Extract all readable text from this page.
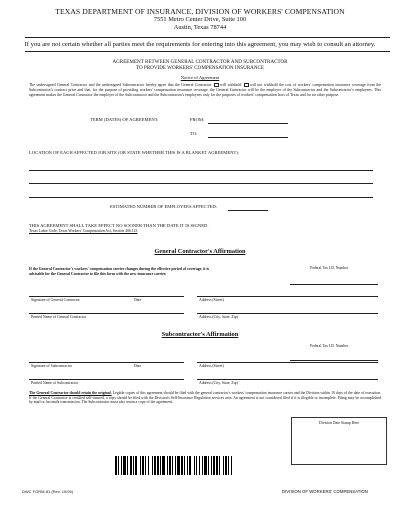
TEXAS DEPARTMENT OF INSURANCE, DIVISION OF WORKERS' COMPENSATION
7551 Metro Center Drive, Suite 100
Austin, Texas 78744
If you are not certain whether all parties meet the requirements for entering into this agreement, you may wish to consult an attorney.
AGREEMENT BETWEEN GENERAL CONTRACTOR AND SUBCONTRACTOR
TO PROVIDE WORKERS' COMPENSATION INSURANCE
Notice of Agreement
The undersigned General Contractor and the undersigned Subcontractor hereby agree that the General Contractor will withhold will not withhold the cost of workers' compensation insurance coverage from the Subcontractor's contract price and that, for the purpose of providing workers' compensation insurance coverage, the General Contractor will be the employer of the Subcontractor and the Subcontractor's employees. This agreement makes the General Contractor the employer of the Subcontractor and the Subcontractor's employees only for the purposes of workers' compensation laws of Texas and for no other purpose.
TERM (DATES) OF AGREEMENT:	FROM:
TO:
LOCATION OF EACH AFFECTED JOB SITE (OR STATE WHETHER THIS IS A BLANKET AGREEMENT):
ESTIMATED NUMBER OF EMPLOYEES AFFECTED:
THIS AGREEMENT SHALL TAKE EFFECT NO SOONER THAN THE DATE IT IS SIGNED.
Texas Labor Code, Texas Workers' Compensation Act, Section 406.123
General Contractor's Affirmation
If the General Contractor's workers' compensation carrier changes during the effective period of coverage, it is advisable for the General Contractor to file this form with the new insurance carrier.
Federal Tax I.D. Number
Signature of General Contractor	Date	Address (Street)
Printed Name of General Contractor	Address (City, State, Zip)
Subcontractor's Affirmation
Federal Tax I.D. Number
Signature of Subcontractor	Date	Address (Street)
Printed Name of Subcontractor	Address (City, State, Zip)
The General Contractor should retain the original. Legible copies of this agreement should be filed with the general contractor's workers' compensation insurance carrier and the Division within 10 days of the date of execution. If the General Contractor is certified self-insured, a copy should be filed with the Division's Self-Insurance Regulation services area. An agreement is not considered filed if it is illegible or incomplete. Filing may be accomplished by mail or facsimile transmission. The Subcontractor must also retain a copy of the agreement.
Division Date Stamp Here
DWC FORM-81 (Rev. 10/05)	DIVISION OF WORKERS' COMPENSATION
